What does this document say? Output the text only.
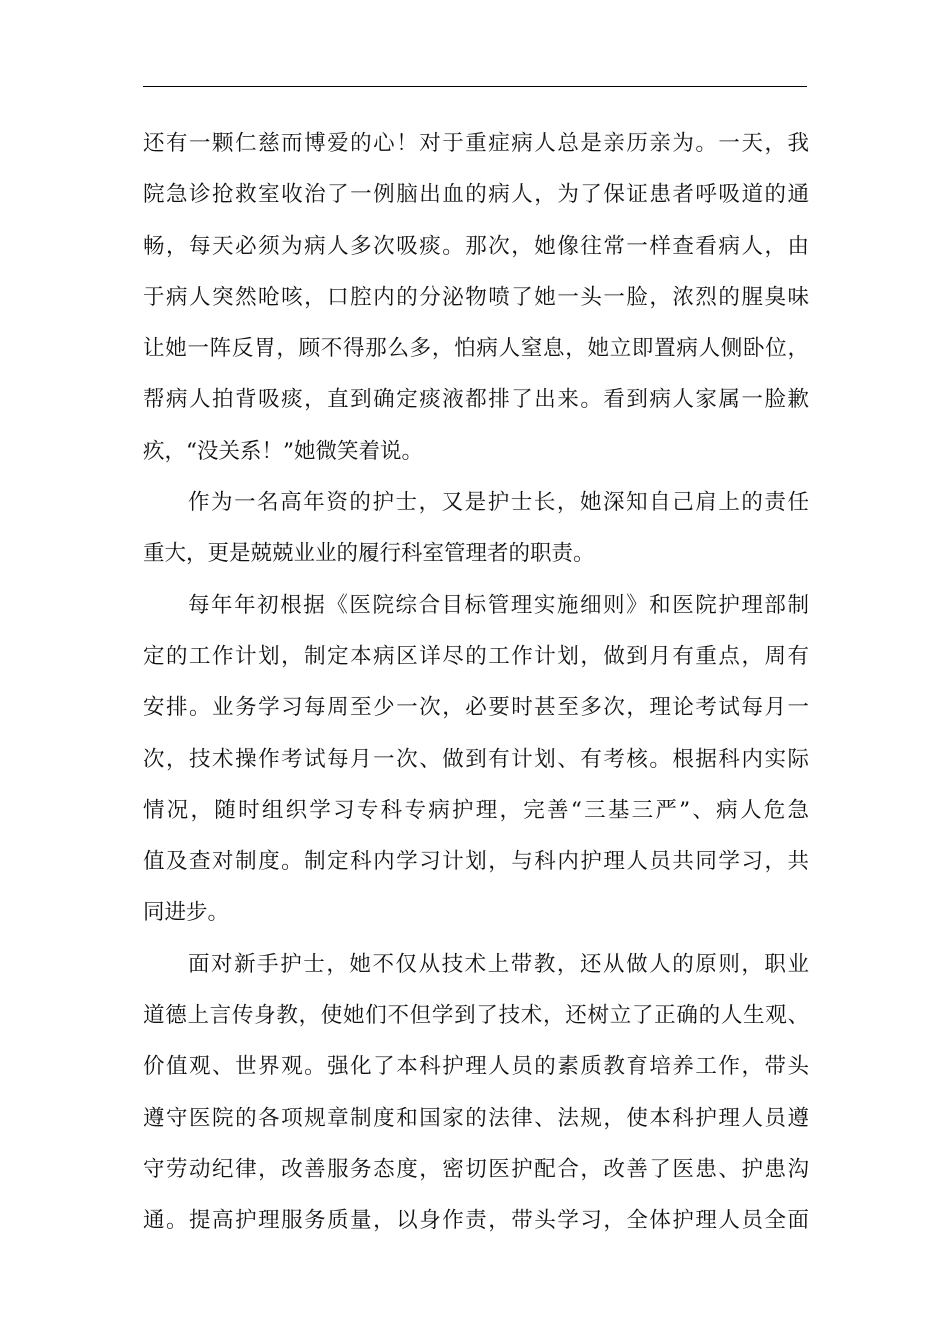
还有一颗仁慈而博爱的心！对于重症病人总是亲历亲为。一天，我
院急诊抢救室收治了一例脑出血的病人，为了保证患者呼吸道的通
畅，每天必须为病人多次吸痰。那次，她像往常一样查看病人，由
于病人突然呛咳，口腔内的分泌物喷了她一头一脸，浓烈的腥臭味
让她一阵反胃，顾不得那么多，怕病人窒息，她立即置病人侧卧位，
帮病人拍背吸痰，直到确定痰液都排了出来。看到病人家属一脸歉
疚，“没关系！”她微笑着说。
作为一名高年资的护士，又是护士长，她深知自己肩上的责任
重大，更是兢兢业业的履行科室管理者的职责。
每年年初根据《医院综合目标管理实施细则》和医院护理部制
定的工作计划，制定本病区详尽的工作计划，做到月有重点，周有
安排。业务学习每周至少一次，必要时甚至多次，理论考试每月一
次，技术操作考试每月一次、做到有计划、有考核。根据科内实际
情况，随时组织学习专科专病护理，完善“三基三严”、病人危急
值及查对制度。制定科内学习计划，与科内护理人员共同学习，共
同进步。
面对新手护士，她不仅从技术上带教，还从做人的原则，职业
道德上言传身教，使她们不但学到了技术，还树立了正确的人生观、
价值观、世界观。强化了本科护理人员的素质教育培养工作，带头
遵守医院的各项规章制度和国家的法律、法规，使本科护理人员遵
守劳动纪律，改善服务态度，密切医护配合，改善了医患、护患沟
通。提高护理服务质量，以身作责，带头学习，全体护理人员全面
